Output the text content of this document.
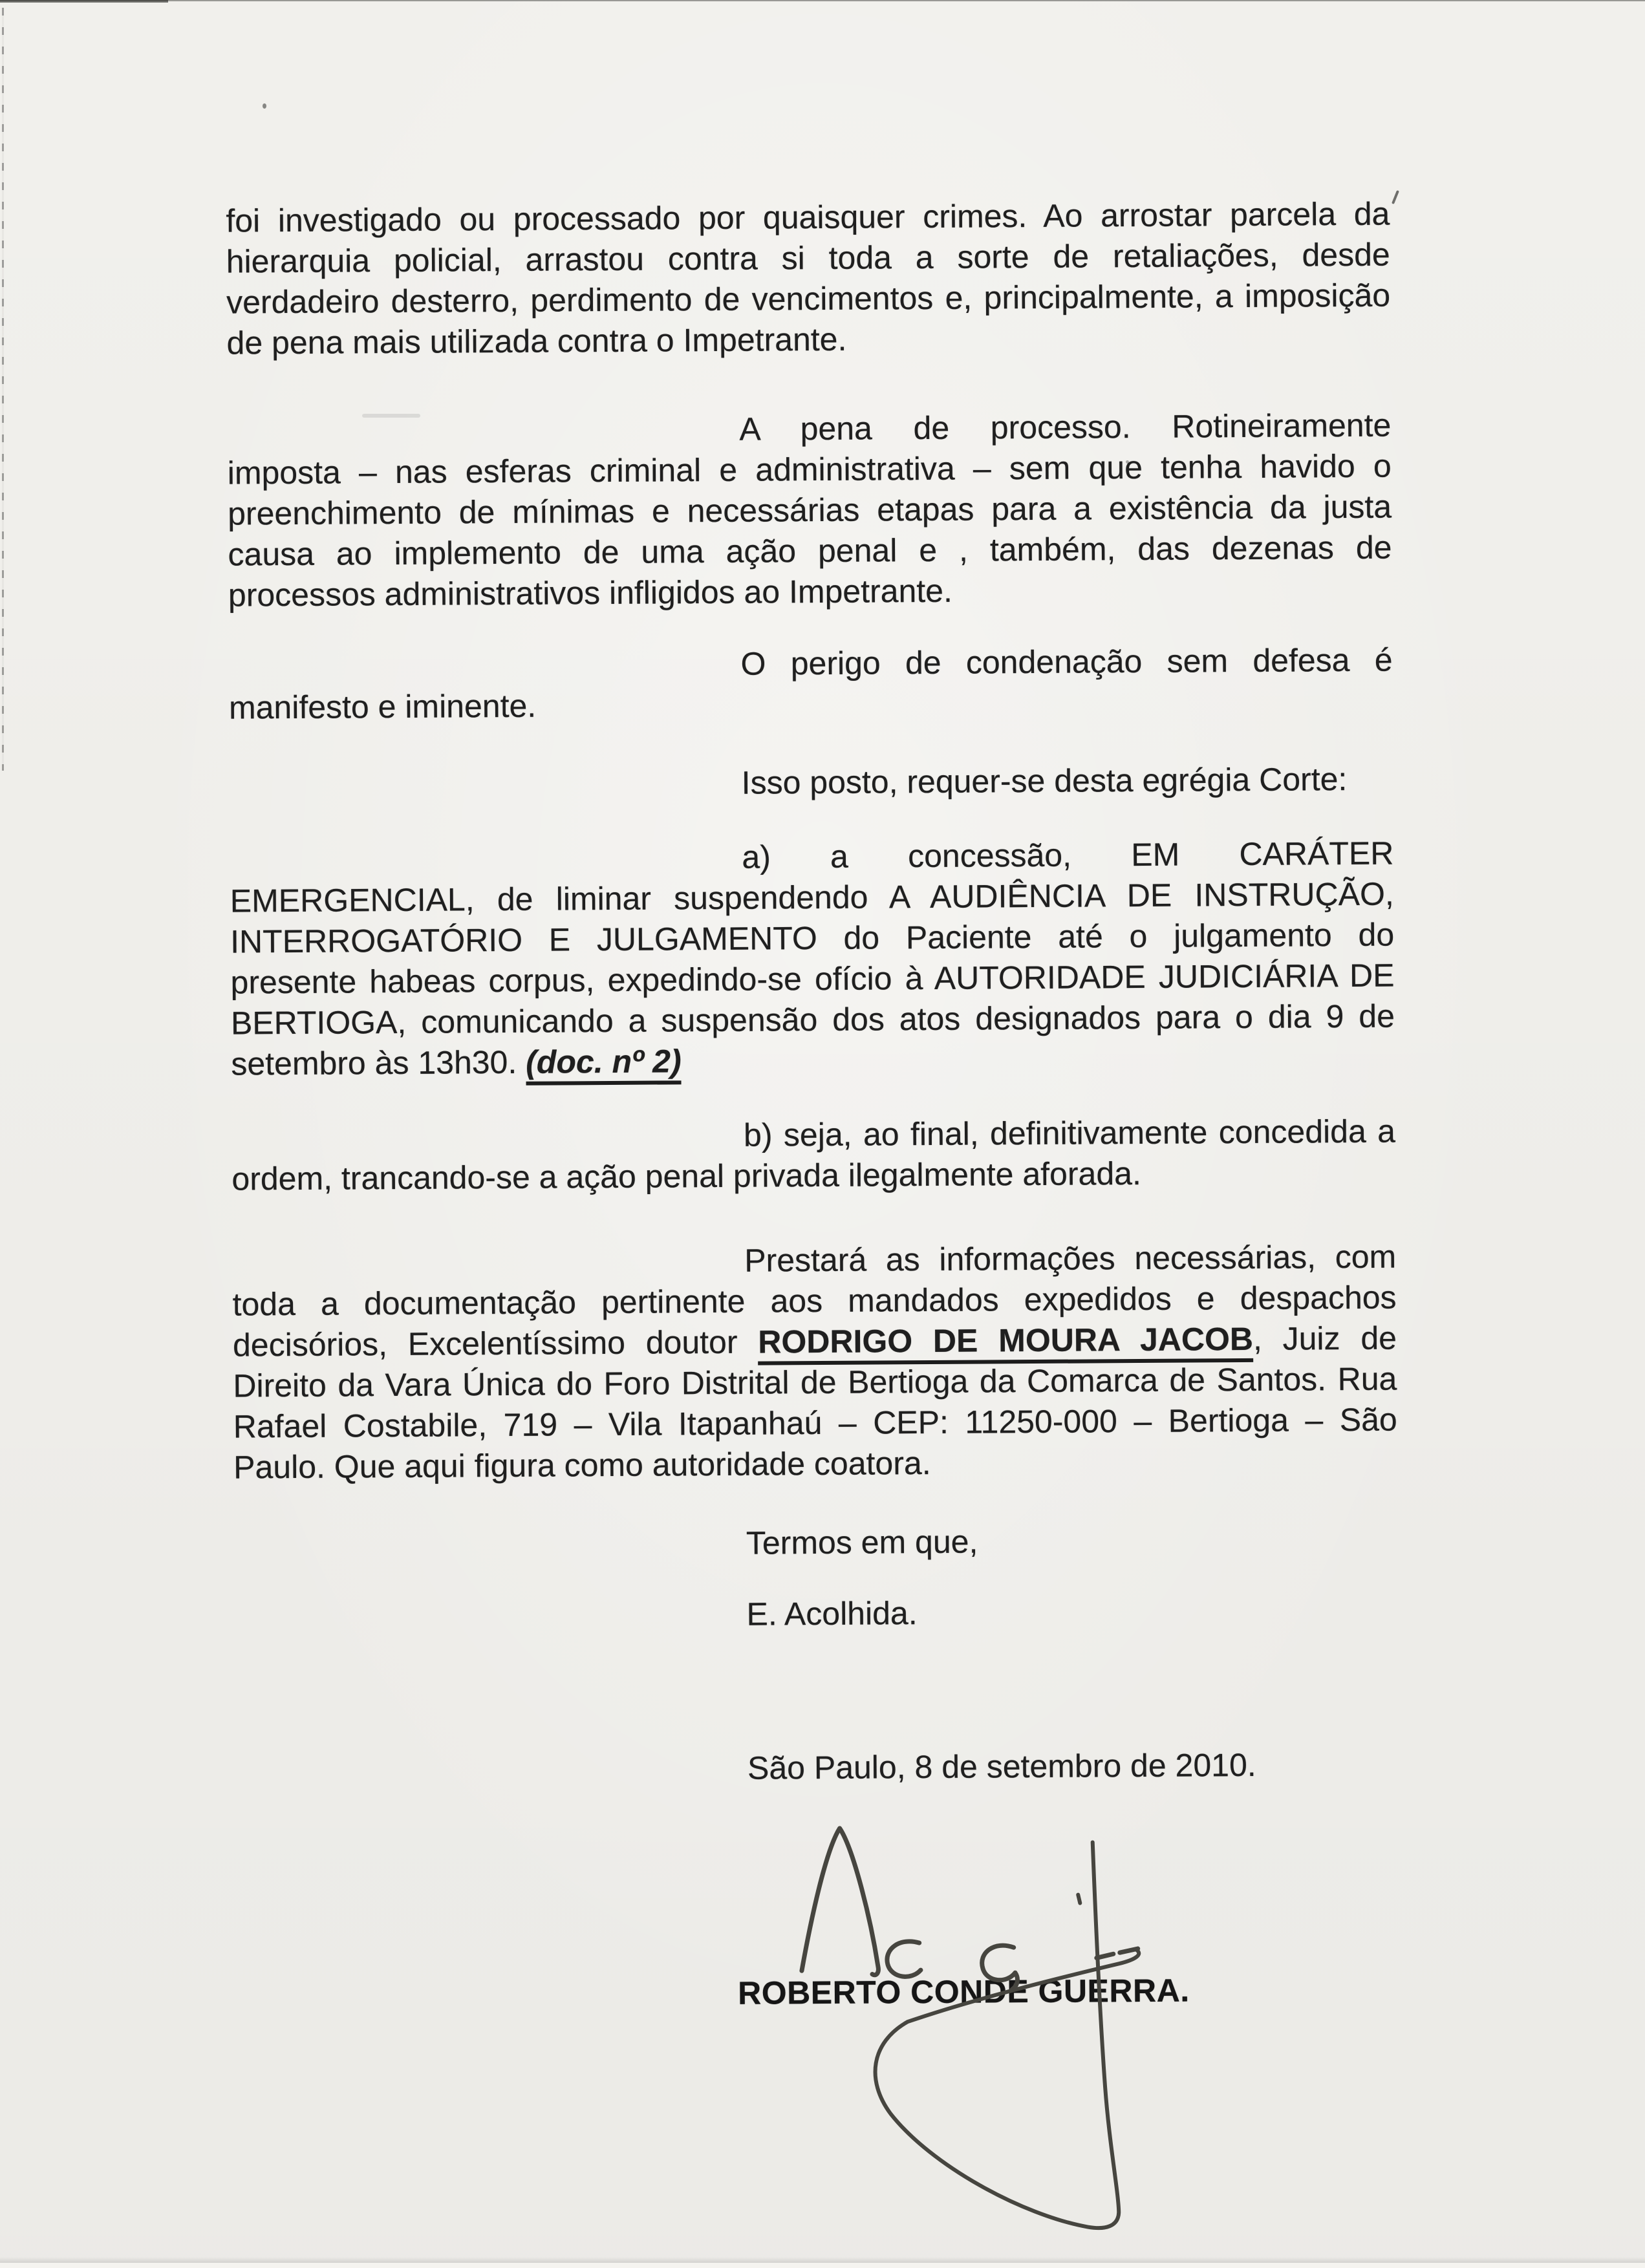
foi investigado ou processado por quaisquer crimes. Ao arrostar parcela da
hierarquia policial, arrastou contra si toda a sorte de retaliações, desde
verdadeiro desterro, perdimento de vencimentos e, principalmente, a imposição
de pena mais utilizada contra o Impetrante.
A pena de processo. Rotineiramente
imposta – nas esferas criminal e administrativa – sem que tenha havido o
preenchimento de mínimas e necessárias etapas para a existência da justa
causa ao implemento de uma ação penal e , também, das dezenas de
processos administrativos infligidos ao Impetrante.
O perigo de condenação sem defesa é
manifesto e iminente.
Isso posto, requer-se desta egrégia Corte:
a) a concessão, EM CARÁTER
EMERGENCIAL, de liminar suspendendo A AUDIÊNCIA DE INSTRUÇÃO,
INTERROGATÓRIO E JULGAMENTO do Paciente até o julgamento do
presente habeas corpus, expedindo-se ofício à AUTORIDADE JUDICIÁRIA DE
BERTIOGA, comunicando a suspensão dos atos designados para o dia 9 de
setembro às 13h30. (doc. nº 2)
b) seja, ao final, definitivamente concedida a
ordem, trancando-se a ação penal privada ilegalmente aforada.
Prestará as informações necessárias, com
toda a documentação pertinente aos mandados expedidos e despachos
decisórios, Excelentíssimo doutor RODRIGO DE MOURA JACOB, Juiz de
Direito da Vara Única do Foro Distrital de Bertioga da Comarca de Santos. Rua
Rafael Costabile, 719 – Vila Itapanhaú – CEP: 11250-000 – Bertioga – São
Paulo. Que aqui figura como autoridade coatora.
Termos em que,
E. Acolhida.
São Paulo, 8 de setembro de 2010.
ROBERTO CONDE GUERRA.
